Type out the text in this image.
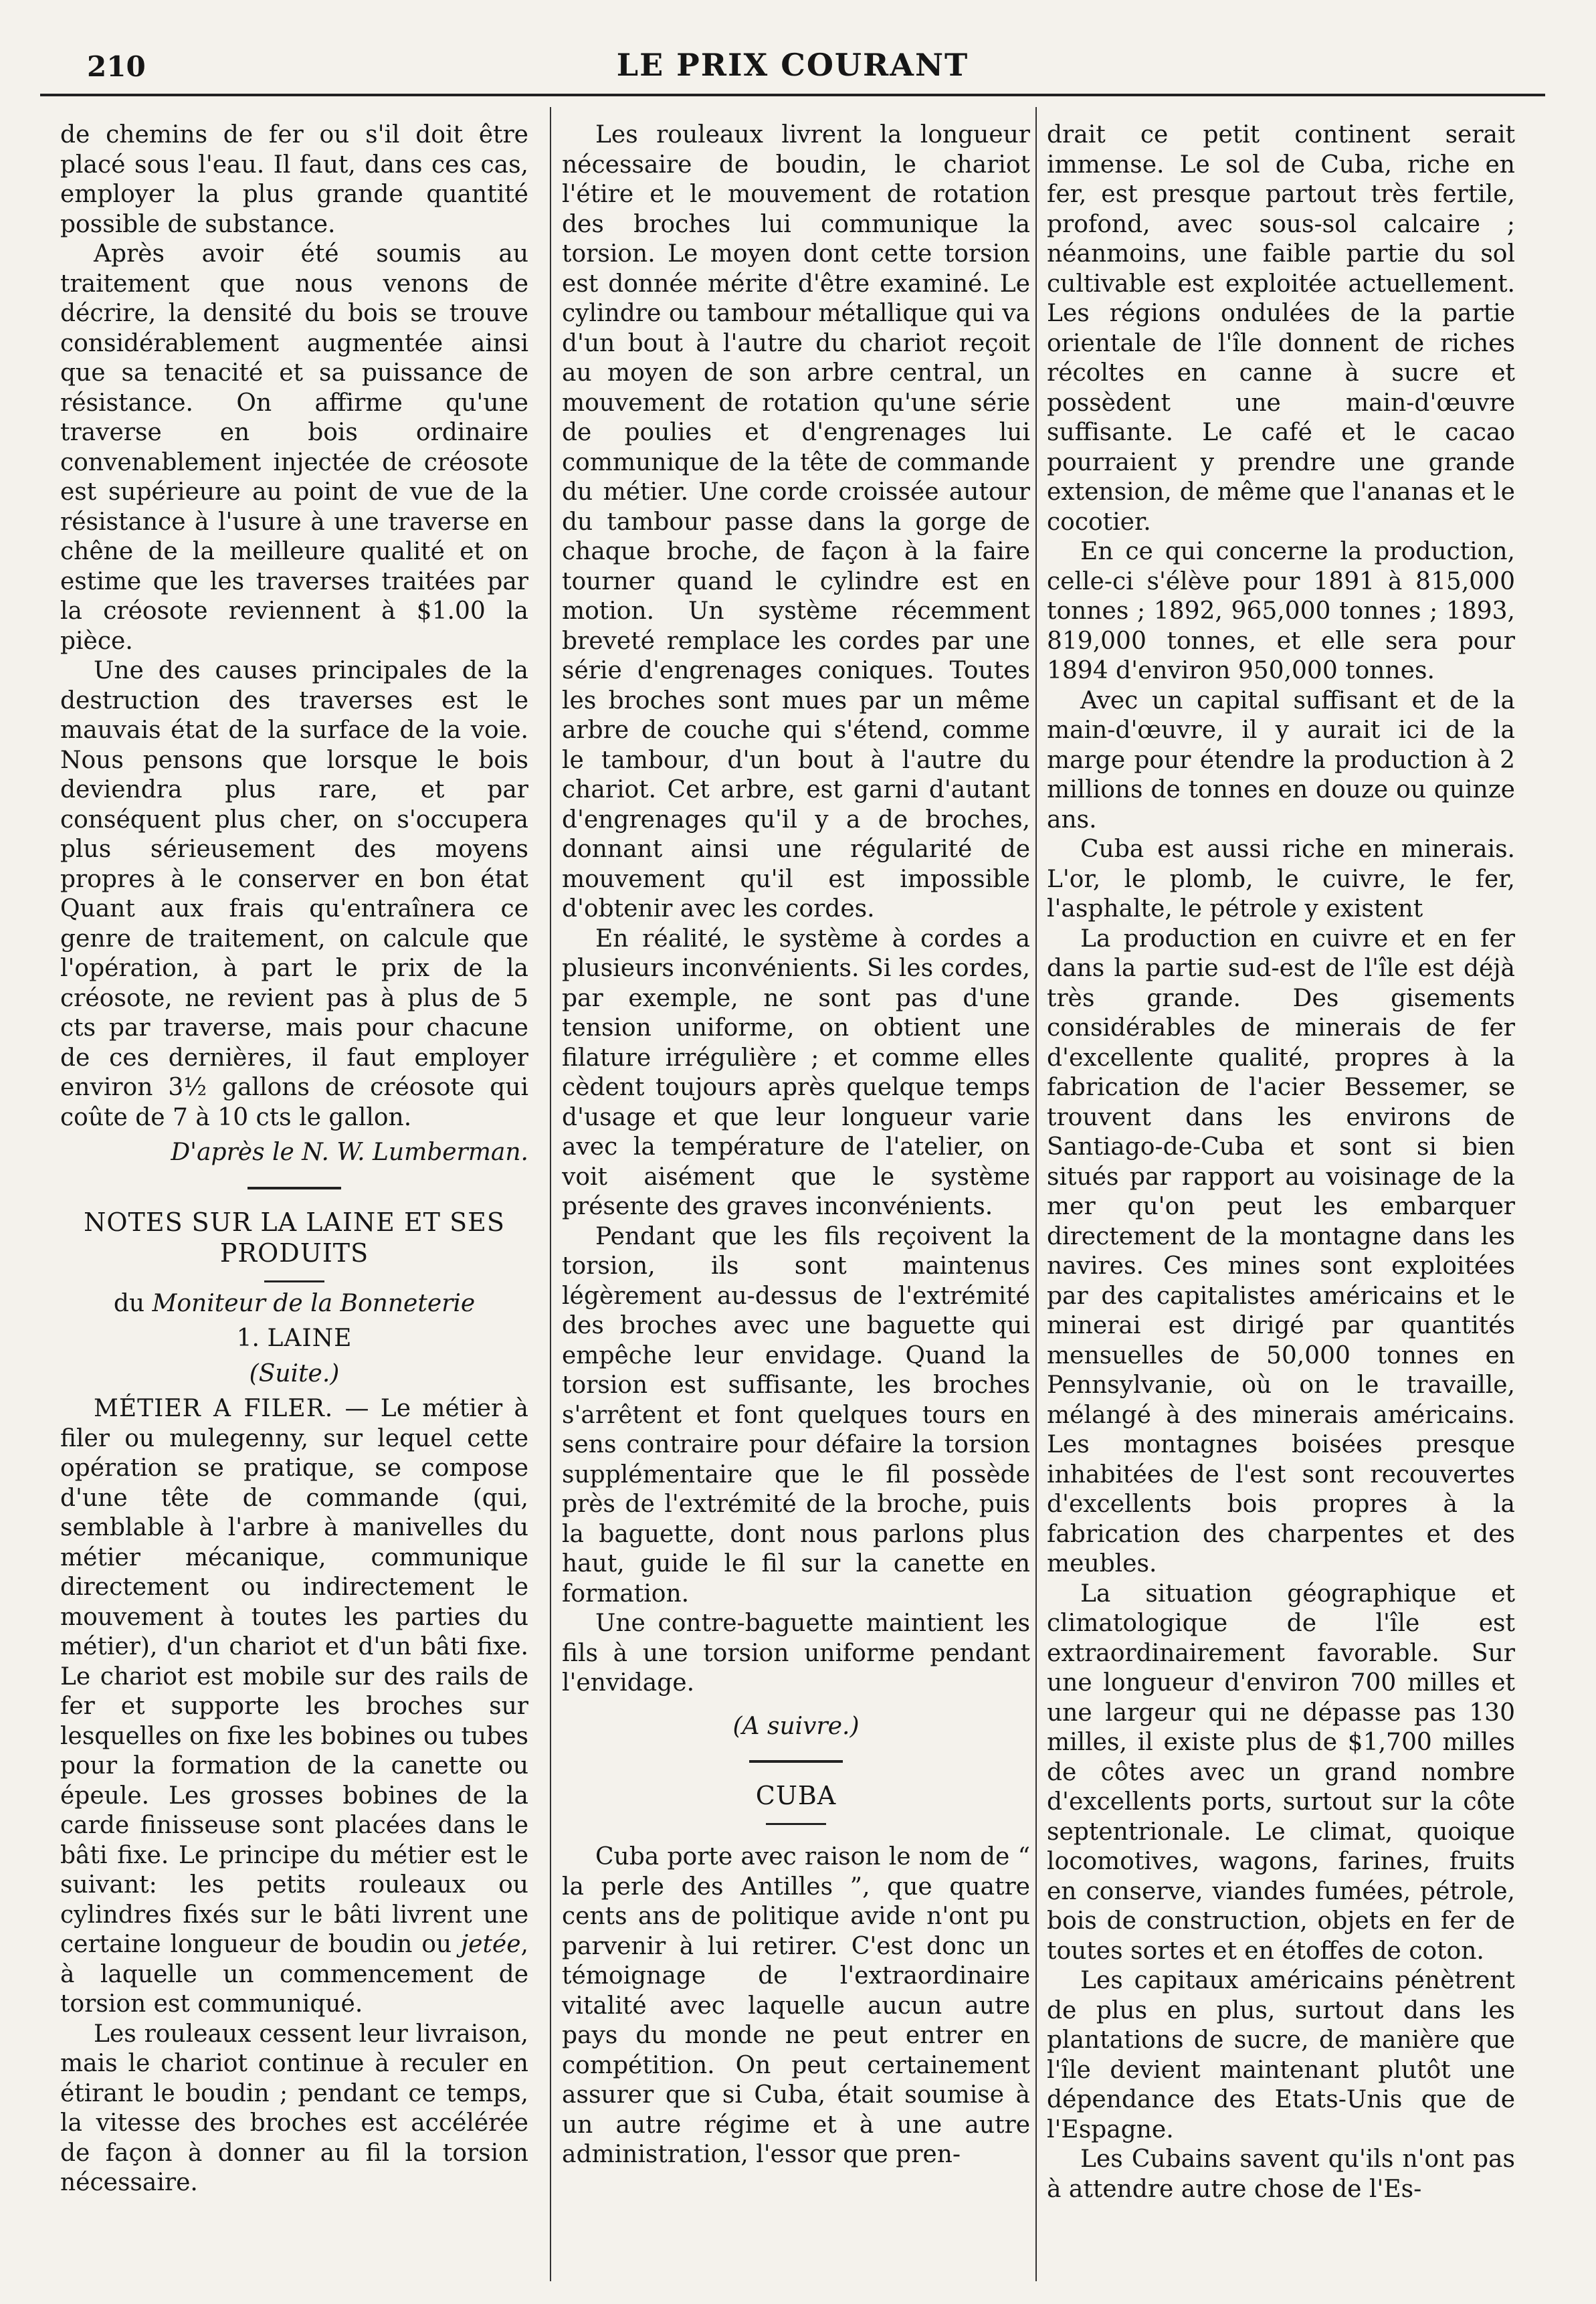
210	LE PRIX COURANT

de chemins de fer ou s'il doit être placé sous l'eau. Il faut, dans ces cas, employer la plus grande quantité possible de substance.

Après avoir été soumis au traitement que nous venons de décrire, la densité du bois se trouve considérablement augmentée ainsi que sa tenacité et sa puissance de résistance. On affirme qu'une traverse en bois ordinaire convenablement injectée de créosote est supérieure au point de vue de la résistance à l'usure à une traverse en chêne de la meilleure qualité et on estime que les traverses traitées par la créosote reviennent à $1.00 la pièce.

Une des causes principales de la destruction des traverses est le mauvais état de la surface de la voie. Nous pensons que lorsque le bois deviendra plus rare, et par conséquent plus cher, on s'occupera plus sérieusement des moyens propres à le conserver en bon état Quant aux frais qu'entraînera ce genre de traitement, on calcule que l'opération, à part le prix de la créosote, ne revient pas à plus de 5 cts par traverse, mais pour chacune de ces dernières, il faut employer environ 3½ gallons de créosote qui coûte de 7 à 10 cts le gallon.

D'après le N. W. Lumberman.

NOTES SUR LA LAINE ET SES PRODUITS

du Moniteur de la Bonneterie

1. LAINE

(Suite.)

MÉTIER A FILER. — Le métier à filer ou mulegenny, sur lequel cette opération se pratique, se compose d'une tête de commande (qui, semblable à l'arbre à manivelles du métier mécanique, communique directement ou indirectement le mouvement à toutes les parties du métier), d'un chariot et d'un bâti fixe. Le chariot est mobile sur des rails de fer et supporte les broches sur lesquelles on fixe les bobines ou tubes pour la formation de la canette ou épeule. Les grosses bobines de la carde finisseuse sont placées dans le bâti fixe. Le principe du métier est le suivant: les petits rouleaux ou cylindres fixés sur le bâti livrent une certaine longueur de boudin ou jetée, à laquelle un commencement de torsion est communiqué.

Les rouleaux cessent leur livraison, mais le chariot continue à reculer en étirant le boudin ; pendant ce temps, la vitesse des broches est accélérée de façon à donner au fil la torsion nécessaire.

Les rouleaux livrent la longueur nécessaire de boudin, le chariot l'étire et le mouvement de rotation des broches lui communique la torsion. Le moyen dont cette torsion est donnée mérite d'être examiné. Le cylindre ou tambour métallique qui va d'un bout à l'autre du chariot reçoit au moyen de son arbre central, un mouvement de rotation qu'une série de poulies et d'engrenages lui communique de la tête de commande du métier. Une corde croissée autour du tambour passe dans la gorge de chaque broche, de façon à la faire tourner quand le cylindre est en motion. Un système récemment breveté remplace les cordes par une série d'engrenages coniques. Toutes les broches sont mues par un même arbre de couche qui s'étend, comme le tambour, d'un bout à l'autre du chariot. Cet arbre, est garni d'autant d'engrenages qu'il y a de broches, donnant ainsi une régularité de mouvement qu'il est impossible d'obtenir avec les cordes.

En réalité, le système à cordes a plusieurs inconvénients. Si les cordes, par exemple, ne sont pas d'une tension uniforme, on obtient une filature irrégulière ; et comme elles cèdent toujours après quelque temps d'usage et que leur longueur varie avec la température de l'atelier, on voit aisément que le système présente des graves inconvénients.

Pendant que les fils reçoivent la torsion, ils sont maintenus légèrement au-dessus de l'extrémité des broches avec une baguette qui empêche leur envidage. Quand la torsion est suffisante, les broches s'arrêtent et font quelques tours en sens contraire pour défaire la torsion supplémentaire que le fil possède près de l'extrémité de la broche, puis la baguette, dont nous parlons plus haut, guide le fil sur la canette en formation.

Une contre-baguette maintient les fils à une torsion uniforme pendant l'envidage.

(A suivre.)

CUBA

Cuba porte avec raison le nom de “ la perle des Antilles ”, que quatre cents ans de politique avide n'ont pu parvenir à lui retirer. C'est donc un témoignage de l'extraordinaire vitalité avec laquelle aucun autre pays du monde ne peut entrer en compétition. On peut certainement assurer que si Cuba, était soumise à un autre régime et à une autre administration, l'essor que pren-

drait ce petit continent serait immense. Le sol de Cuba, riche en fer, est presque partout très fertile, profond, avec sous-sol calcaire ; néanmoins, une faible partie du sol cultivable est exploitée actuellement. Les régions ondulées de la partie orientale de l'île donnent de riches récoltes en canne à sucre et possèdent une main-d'œuvre suffisante. Le café et le cacao pourraient y prendre une grande extension, de même que l'ananas et le cocotier.

En ce qui concerne la production, celle-ci s'élève pour 1891 à 815,000 tonnes ; 1892, 965,000 tonnes ; 1893, 819,000 tonnes, et elle sera pour 1894 d'environ 950,000 tonnes.

Avec un capital suffisant et de la main-d'œuvre, il y aurait ici de la marge pour étendre la production à 2 millions de tonnes en douze ou quinze ans.

Cuba est aussi riche en minerais. L'or, le plomb, le cuivre, le fer, l'asphalte, le pétrole y existent

La production en cuivre et en fer dans la partie sud-est de l'île est déjà très grande. Des gisements considérables de minerais de fer d'excellente qualité, propres à la fabrication de l'acier Bessemer, se trouvent dans les environs de Santiago-de-Cuba et sont si bien situés par rapport au voisinage de la mer qu'on peut les embarquer directement de la montagne dans les navires. Ces mines sont exploitées par des capitalistes américains et le minerai est dirigé par quantités mensuelles de 50,000 tonnes en Pennsylvanie, où on le travaille, mélangé à des minerais américains. Les montagnes boisées presque inhabitées de l'est sont recouvertes d'excellents bois propres à la fabrication des charpentes et des meubles.

La situation géographique et climatologique de l'île est extraordinairement favorable. Sur une longueur d'environ 700 milles et une largeur qui ne dépasse pas 130 milles, il existe plus de $1,700 milles de côtes avec un grand nombre d'excellents ports, surtout sur la côte septentrionale. Le climat, quoique locomotives, wagons, farines, fruits en conserve, viandes fumées, pétrole, bois de construction, objets en fer de toutes sortes et en étoffes de coton.

Les capitaux américains pénètrent de plus en plus, surtout dans les plantations de sucre, de manière que l'île devient maintenant plutôt une dépendance des Etats-Unis que de l'Espagne.

Les Cubains savent qu'ils n'ont pas à attendre autre chose de l'Es-
